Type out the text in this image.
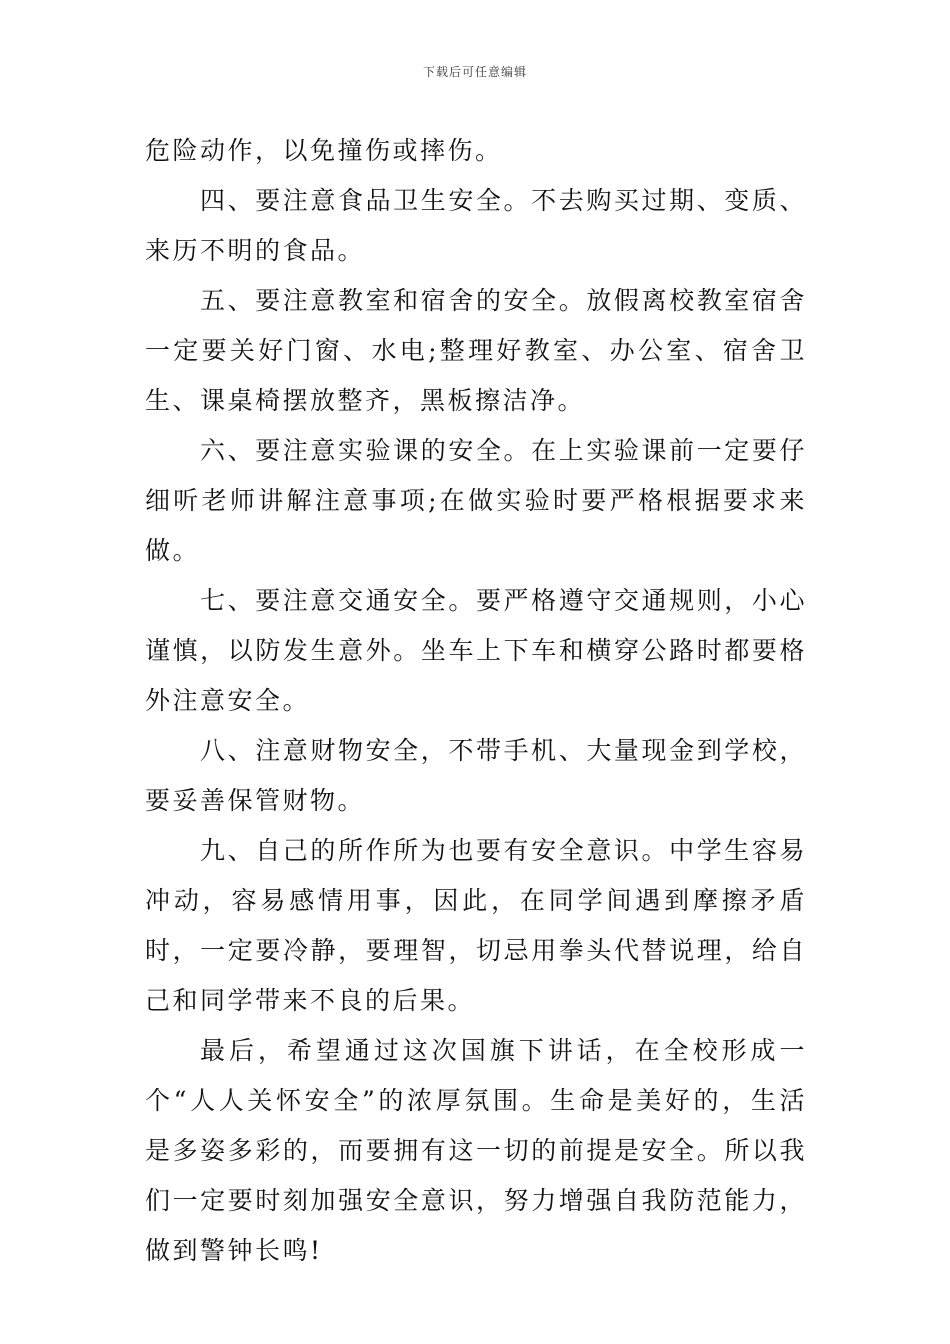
下载后可任意编辑

危险动作，以免撞伤或摔伤。

四、要注意食品卫生安全。不去购买过期、变质、来历不明的食品。

五、要注意教室和宿舍的安全。放假离校教室宿舍一定要关好门窗、水电;整理好教室、办公室、宿舍卫生、课桌椅摆放整齐，黑板擦洁净。

六、要注意实验课的安全。在上实验课前一定要仔细听老师讲解注意事项;在做实验时要严格根据要求来做。

七、要注意交通安全。要严格遵守交通规则，小心谨慎，以防发生意外。坐车上下车和横穿公路时都要格外注意安全。

八、注意财物安全，不带手机、大量现金到学校，要妥善保管财物。

九、自己的所作所为也要有安全意识。中学生容易冲动，容易感情用事，因此，在同学间遇到摩擦矛盾时，一定要冷静，要理智，切忌用拳头代替说理，给自己和同学带来不良的后果。

最后，希望通过这次国旗下讲话，在全校形成一个“人人关怀安全”的浓厚氛围。生命是美好的，生活是多姿多彩的，而要拥有这一切的前提是安全。所以我们一定要时刻加强安全意识，努力增强自我防范能力，做到警钟长鸣!
